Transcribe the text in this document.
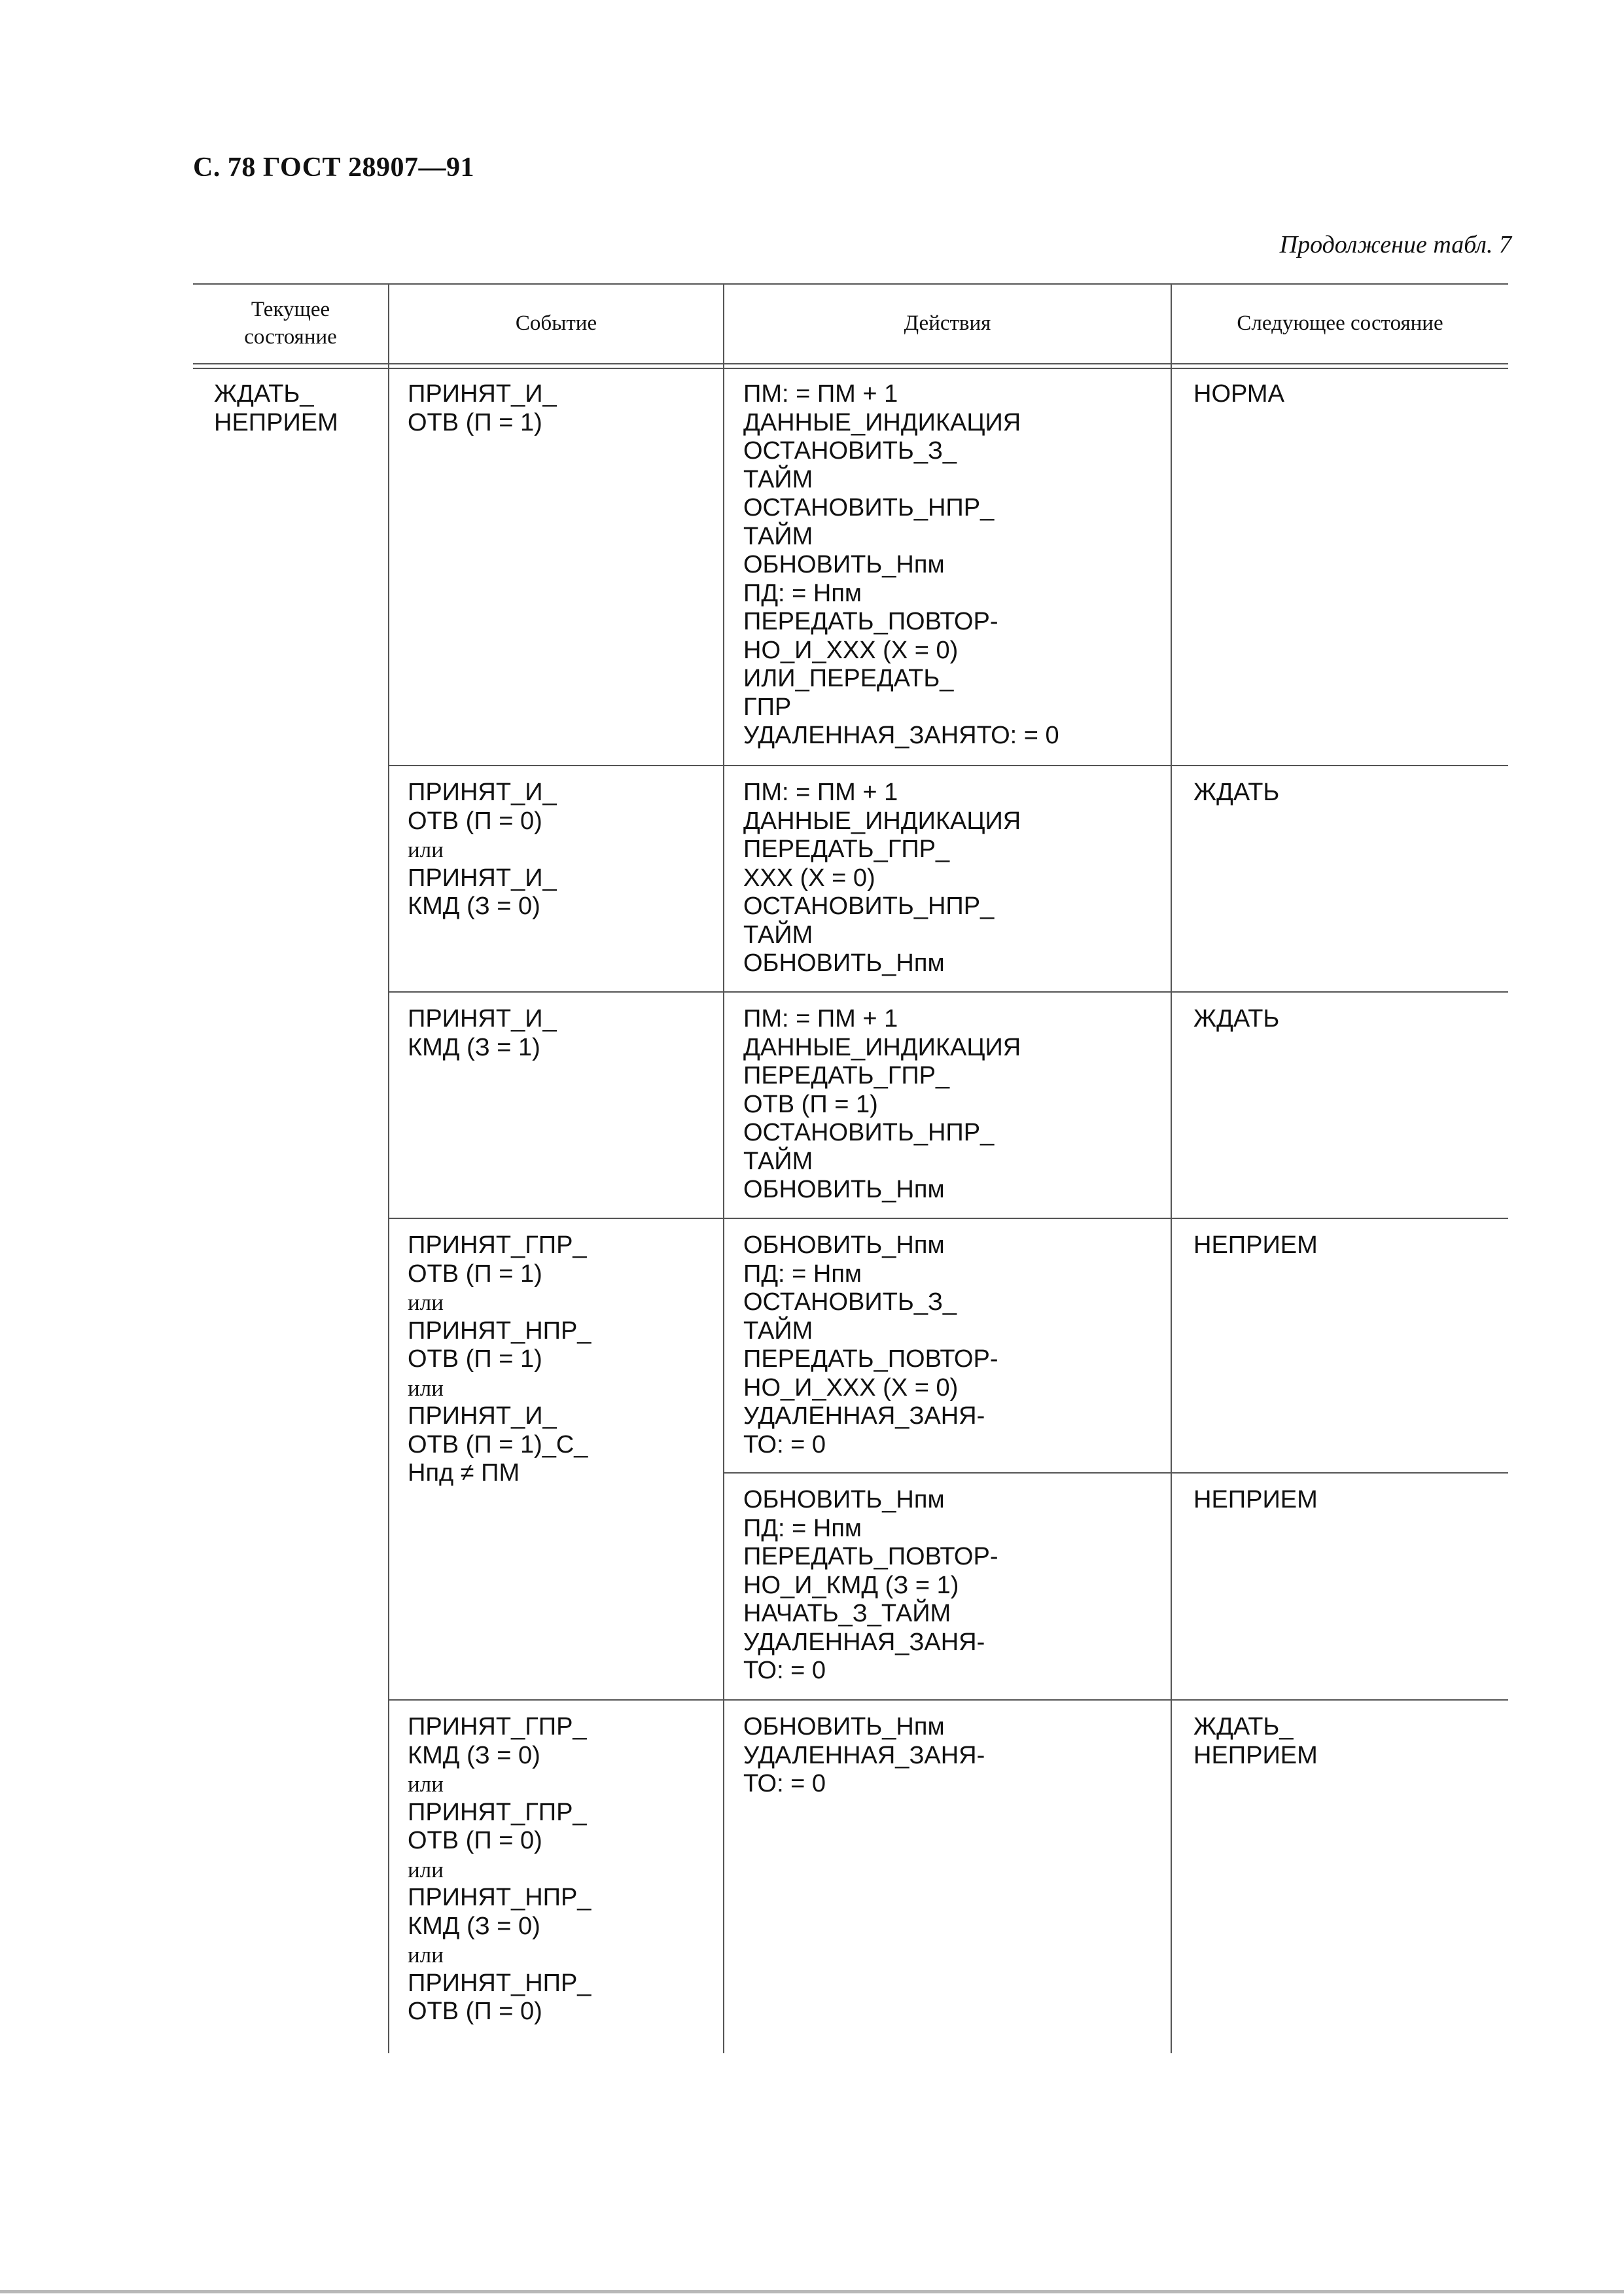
С. 78 ГОСТ 28907—91
Продолжение табл. 7
Текущее состояние
Событие	Действия	Следующее состояние
ЖДАТЬ_
НЕПРИЕМ
ПРИНЯТ_И_
ОТВ (П = 1)
ПМ: = ПМ + 1
ДАННЫЕ_ИНДИКАЦИЯ
ОСТАНОВИТЬ_З_
ТАЙМ
ОСТАНОВИТЬ_НПР_
ТАЙМ
ОБНОВИТЬ_Нпм
ПД: = Нпм
ПЕРЕДАТЬ_ПОВТОР-
НО_И_ХХХ (Х = 0)
ИЛИ_ПЕРЕДАТЬ_
ГПР
УДАЛЕННАЯ_ЗАНЯТО: = 0
НОРМА
ПРИНЯТ_И_
ОТВ (П = 0)
или
ПРИНЯТ_И_
КМД (З = 0)
ПМ: = ПМ + 1
ДАННЫЕ_ИНДИКАЦИЯ
ПЕРЕДАТЬ_ГПР_
ХХХ (Х = 0)
ОСТАНОВИТЬ_НПР_
ТАЙМ
ОБНОВИТЬ_Нпм
ЖДАТЬ
ПРИНЯТ_И_
КМД (З = 1)
ПМ: = ПМ + 1
ДАННЫЕ_ИНДИКАЦИЯ
ПЕРЕДАТЬ_ГПР_
ОТВ (П = 1)
ОСТАНОВИТЬ_НПР_
ТАЙМ
ОБНОВИТЬ_Нпм
ЖДАТЬ
ПРИНЯТ_ГПР_
ОТВ (П = 1)
или
ПРИНЯТ_НПР_
ОТВ (П = 1)
или
ПРИНЯТ_И_
ОТВ (П = 1)_С_
Нпд ≠ ПМ
ОБНОВИТЬ_Нпм
ПД: = Нпм
ОСТАНОВИТЬ_З_
ТАЙМ
ПЕРЕДАТЬ_ПОВТОР-
НО_И_ХХХ (Х = 0)
УДАЛЕННАЯ_ЗАНЯ-
ТО: = 0
НЕПРИЕМ
ОБНОВИТЬ_Нпм
ПД: = Нпм
ПЕРЕДАТЬ_ПОВТОР-
НО_И_КМД (З = 1)
НАЧАТЬ_З_ТАЙМ
УДАЛЕННАЯ_ЗАНЯ-
ТО: = 0
НЕПРИЕМ
ПРИНЯТ_ГПР_
КМД (З = 0)
или
ПРИНЯТ_ГПР_
ОТВ (П = 0)
или
ПРИНЯТ_НПР_
КМД (З = 0)
или
ПРИНЯТ_НПР_
ОТВ (П = 0)
ОБНОВИТЬ_Нпм
УДАЛЕННАЯ_ЗАНЯ-
ТО: = 0
ЖДАТЬ_
НЕПРИЕМ
